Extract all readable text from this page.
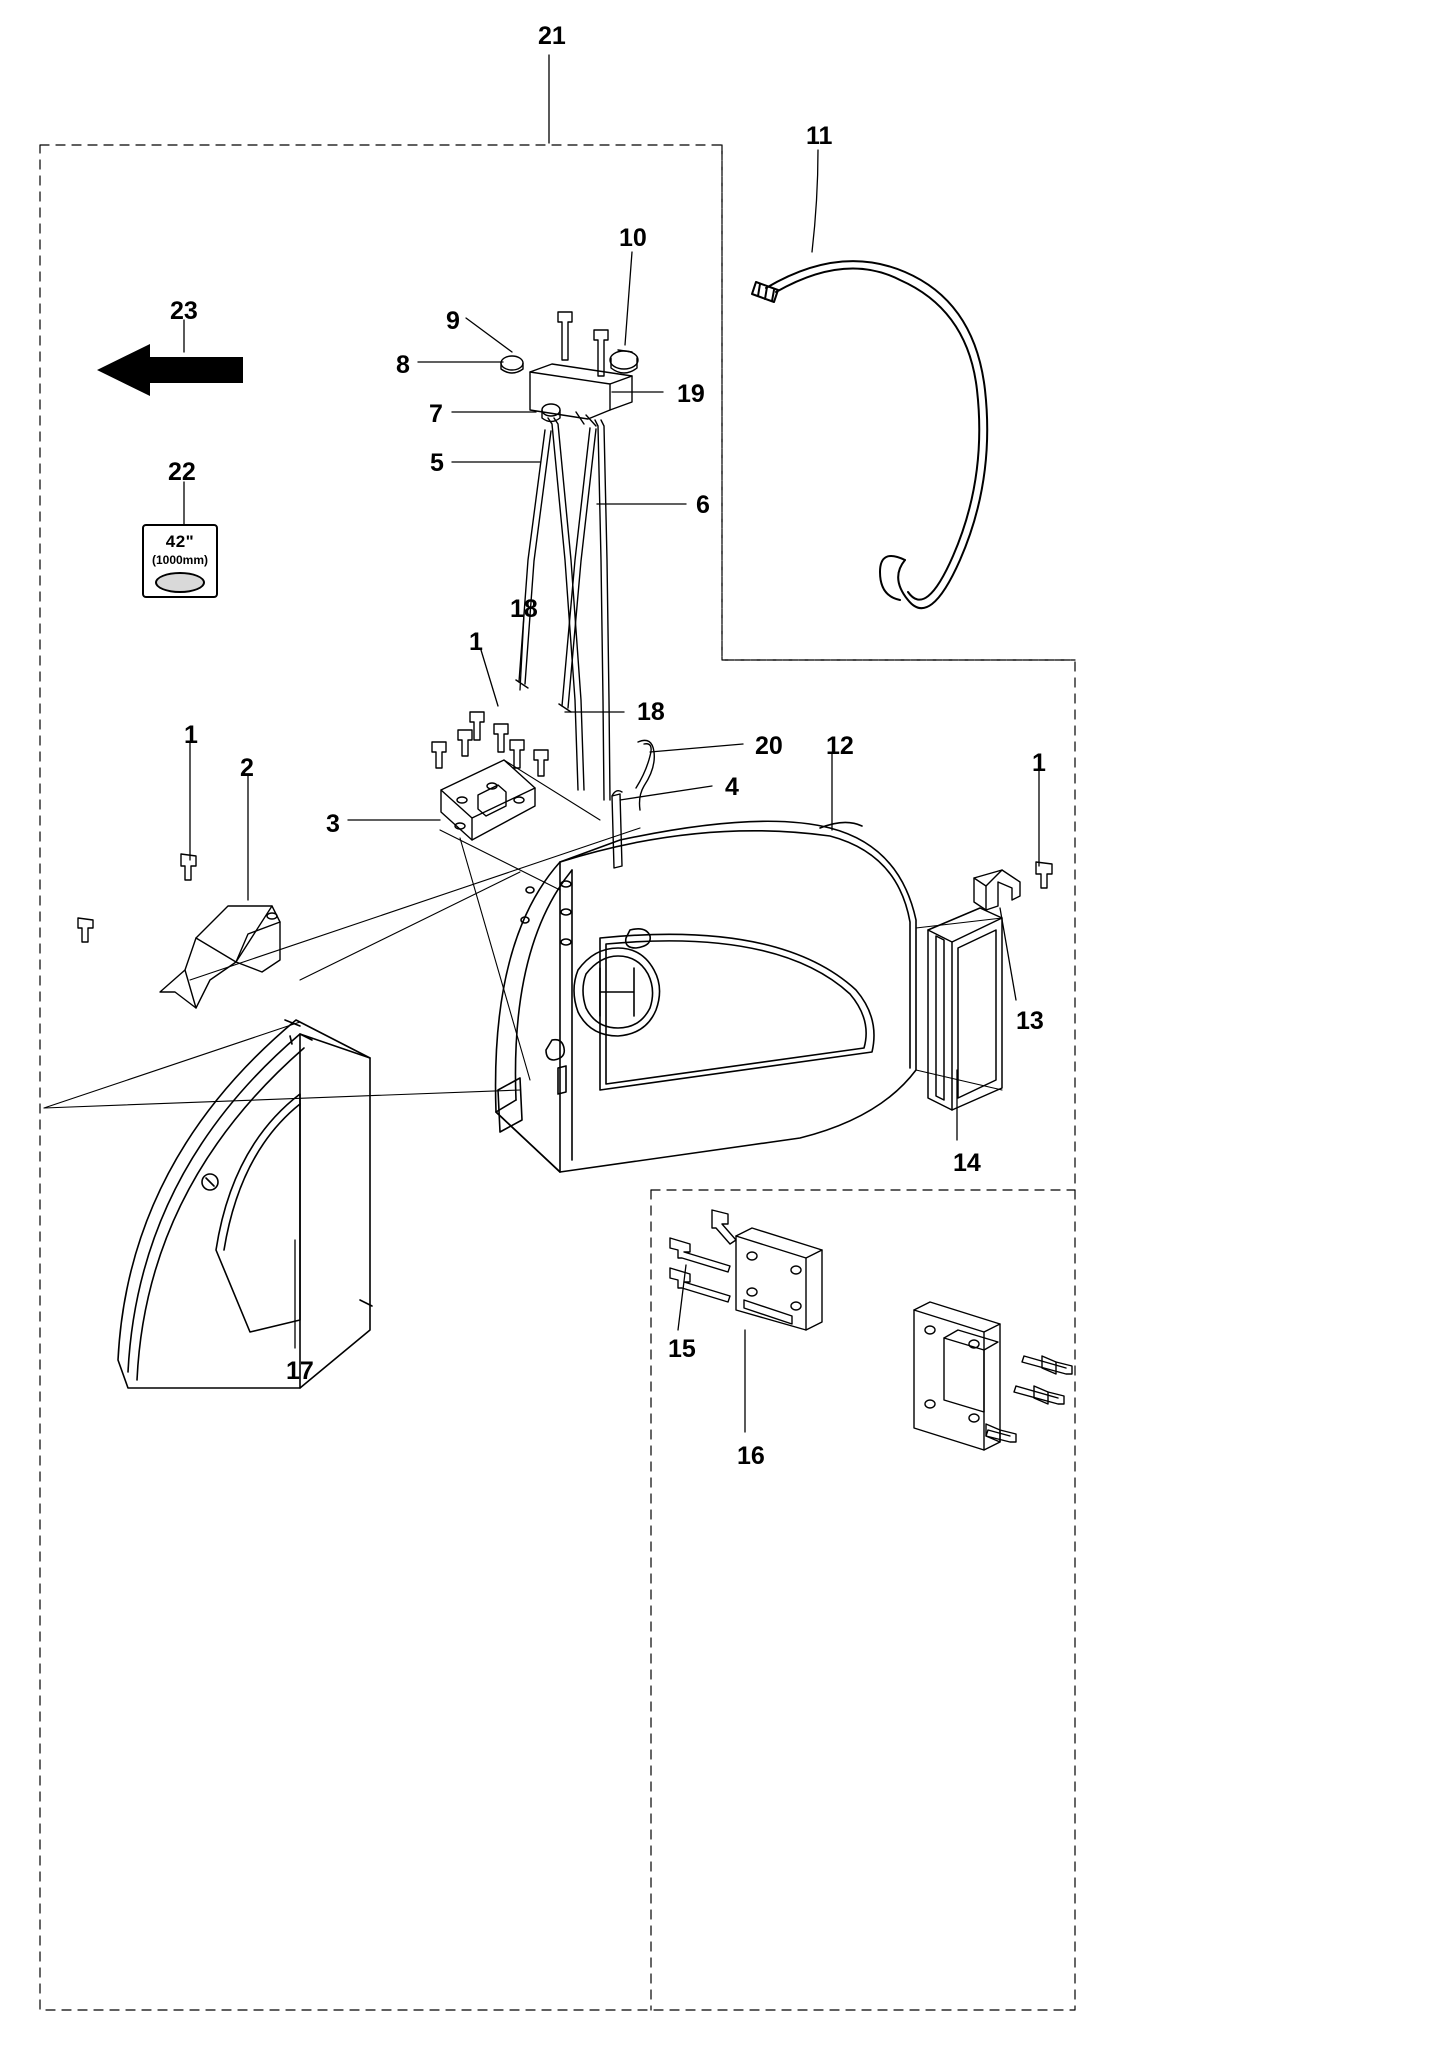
42"
(1000mm)
21
11
10
9
8
23
19
7
5
22
6
18
1
18
20 12
1
1
2
4
3
13
14
15
17
16
